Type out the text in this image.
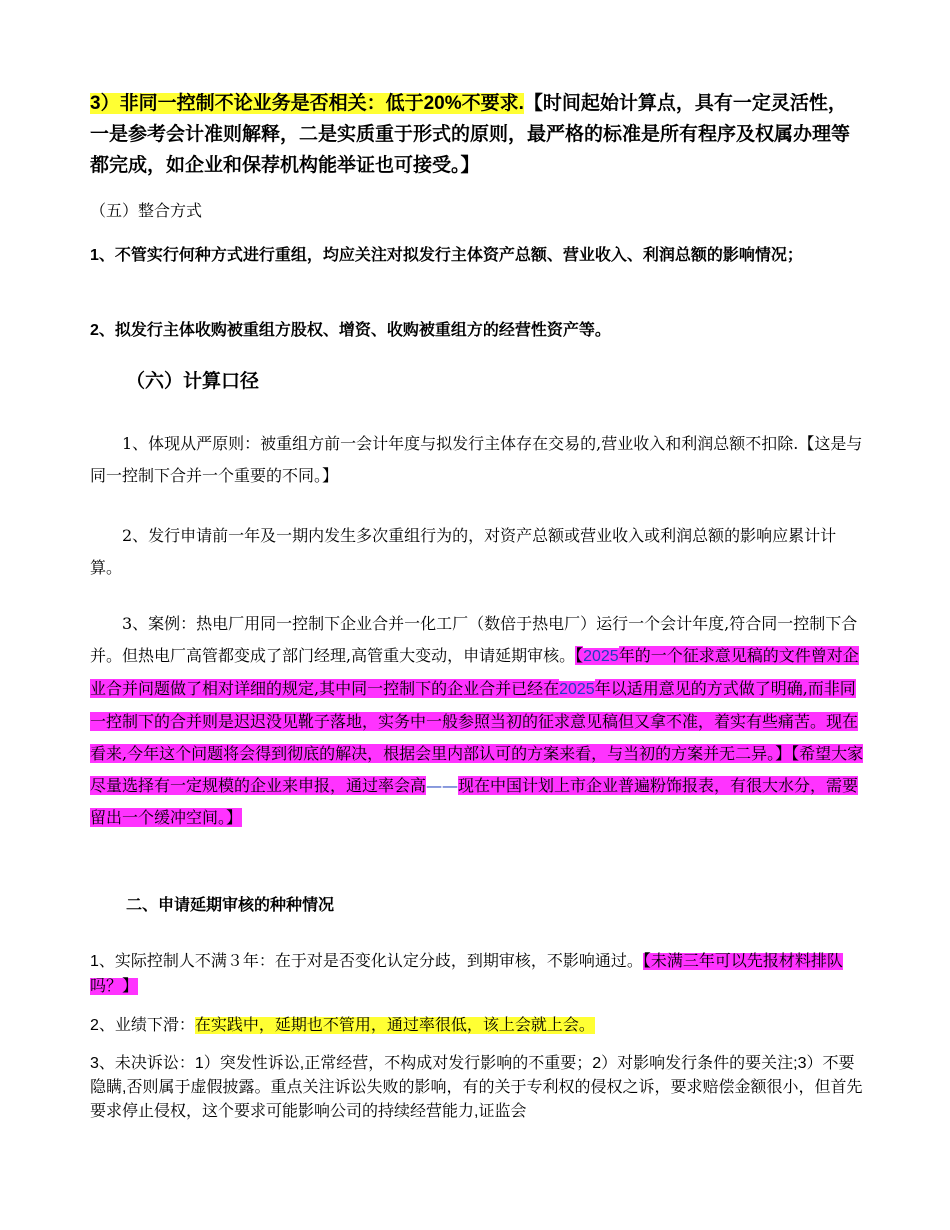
3）非同一控制不论业务是否相关：低于20%不要求.【时间起始计算点，具有一定灵活性，一是参考会计准则解释，二是实质重于形式的原则，最严格的标准是所有程序及权属办理等都完成，如企业和保荐机构能举证也可接受。】

（五）整合方式

1、不管实行何种方式进行重组，均应关注对拟发行主体资产总额、营业收入、利润总额的影响情况；

2、拟发行主体收购被重组方股权、增资、收购被重组方的经营性资产等。

（六）计算口径

1、体现从严原则：被重组方前一会计年度与拟发行主体存在交易的,营业收入和利润总额不扣除.【这是与同一控制下合并一个重要的不同。】

2、发行申请前一年及一期内发生多次重组行为的，对资产总额或营业收入或利润总额的影响应累计计算。

3、案例：热电厂用同一控制下企业合并一化工厂（数倍于热电厂）运行一个会计年度,符合同一控制下合并。但热电厂高管都变成了部门经理,高管重大变动，申请延期审核。【2025年的一个征求意见稿的文件曾对企业合并问题做了相对详细的规定,其中同一控制下的企业合并已经在2025年以适用意见的方式做了明确,而非同一控制下的合并则是迟迟没见靴子落地，实务中一般参照当初的征求意见稿但又拿不准，着实有些痛苦。现在看来,今年这个问题将会得到彻底的解决，根据会里内部认可的方案来看，与当初的方案并无二异。】【希望大家尽量选择有一定规模的企业来申报，通过率会高——现在中国计划上市企业普遍粉饰报表，有很大水分，需要留出一个缓冲空间。】

二、申请延期审核的种种情况

1、实际控制人不满３年：在于对是否变化认定分歧，到期审核，不影响通过。【未满三年可以先报材料排队吗？】

2、业绩下滑：在实践中，延期也不管用，通过率很低，该上会就上会。

3、未决诉讼：1）突发性诉讼,正常经营，不构成对发行影响的不重要；2）对影响发行条件的要关注;3）不要隐瞒,否则属于虚假披露。重点关注诉讼失败的影响，有的关于专利权的侵权之诉，要求赔偿金额很小，但首先要求停止侵权，这个要求可能影响公司的持续经营能力,证监会
